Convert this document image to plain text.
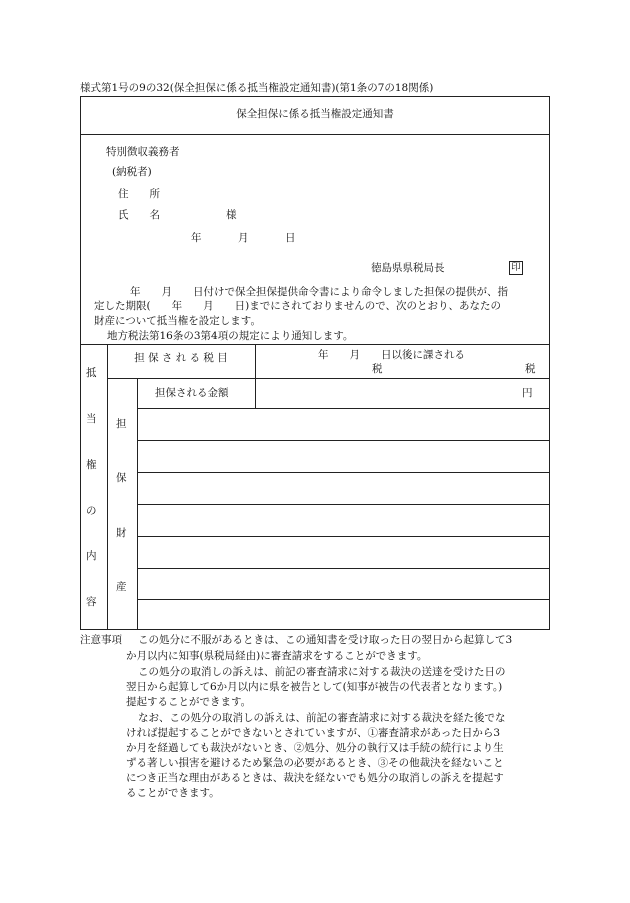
様式第1号の9の32(保全担保に係る抵当権設定通知書)(第1条の7の18関係)
保全担保に係る抵当権設定通知書
特別徴収義務者
(納税者)
住　　所
氏　　名	様
年	月	日
徳島県県税局長	印
年　　月　　日付けで保全担保提供命令書により命令しました担保の提供が、指
定した期限(　　年　　月　　日)までにされておりませんので、次のとおり、あなたの
財産について抵当権を設定します。
地方税法第16条の3第4項の規定により通知します。
抵
当
権
の
内
容
担 保 さ れ る 税 目	年　　月　　日以後に課される
税	税
担保される金額	円
担
保
財
産
注意事項 この処分に不服があるときは、この通知書を受け取った日の翌日から起算して3
か月以内に知事(県税局経由)に審査請求をすることができます。
この処分の取消しの訴えは、前記の審査請求に対する裁決の送達を受けた日の
翌日から起算して6か月以内に県を被告として(知事が被告の代表者となります。)
提起することができます。
なお、この処分の取消しの訴えは、前記の審査請求に対する裁決を経た後でな
ければ提起することができないとされていますが、①審査請求があった日から3
か月を経過しても裁決がないとき、②処分、処分の執行又は手続の続行により生
ずる著しい損害を避けるため緊急の必要があるとき、③その他裁決を経ないこと
につき正当な理由があるときは、裁決を経ないでも処分の取消しの訴えを提起す
ることができます。
